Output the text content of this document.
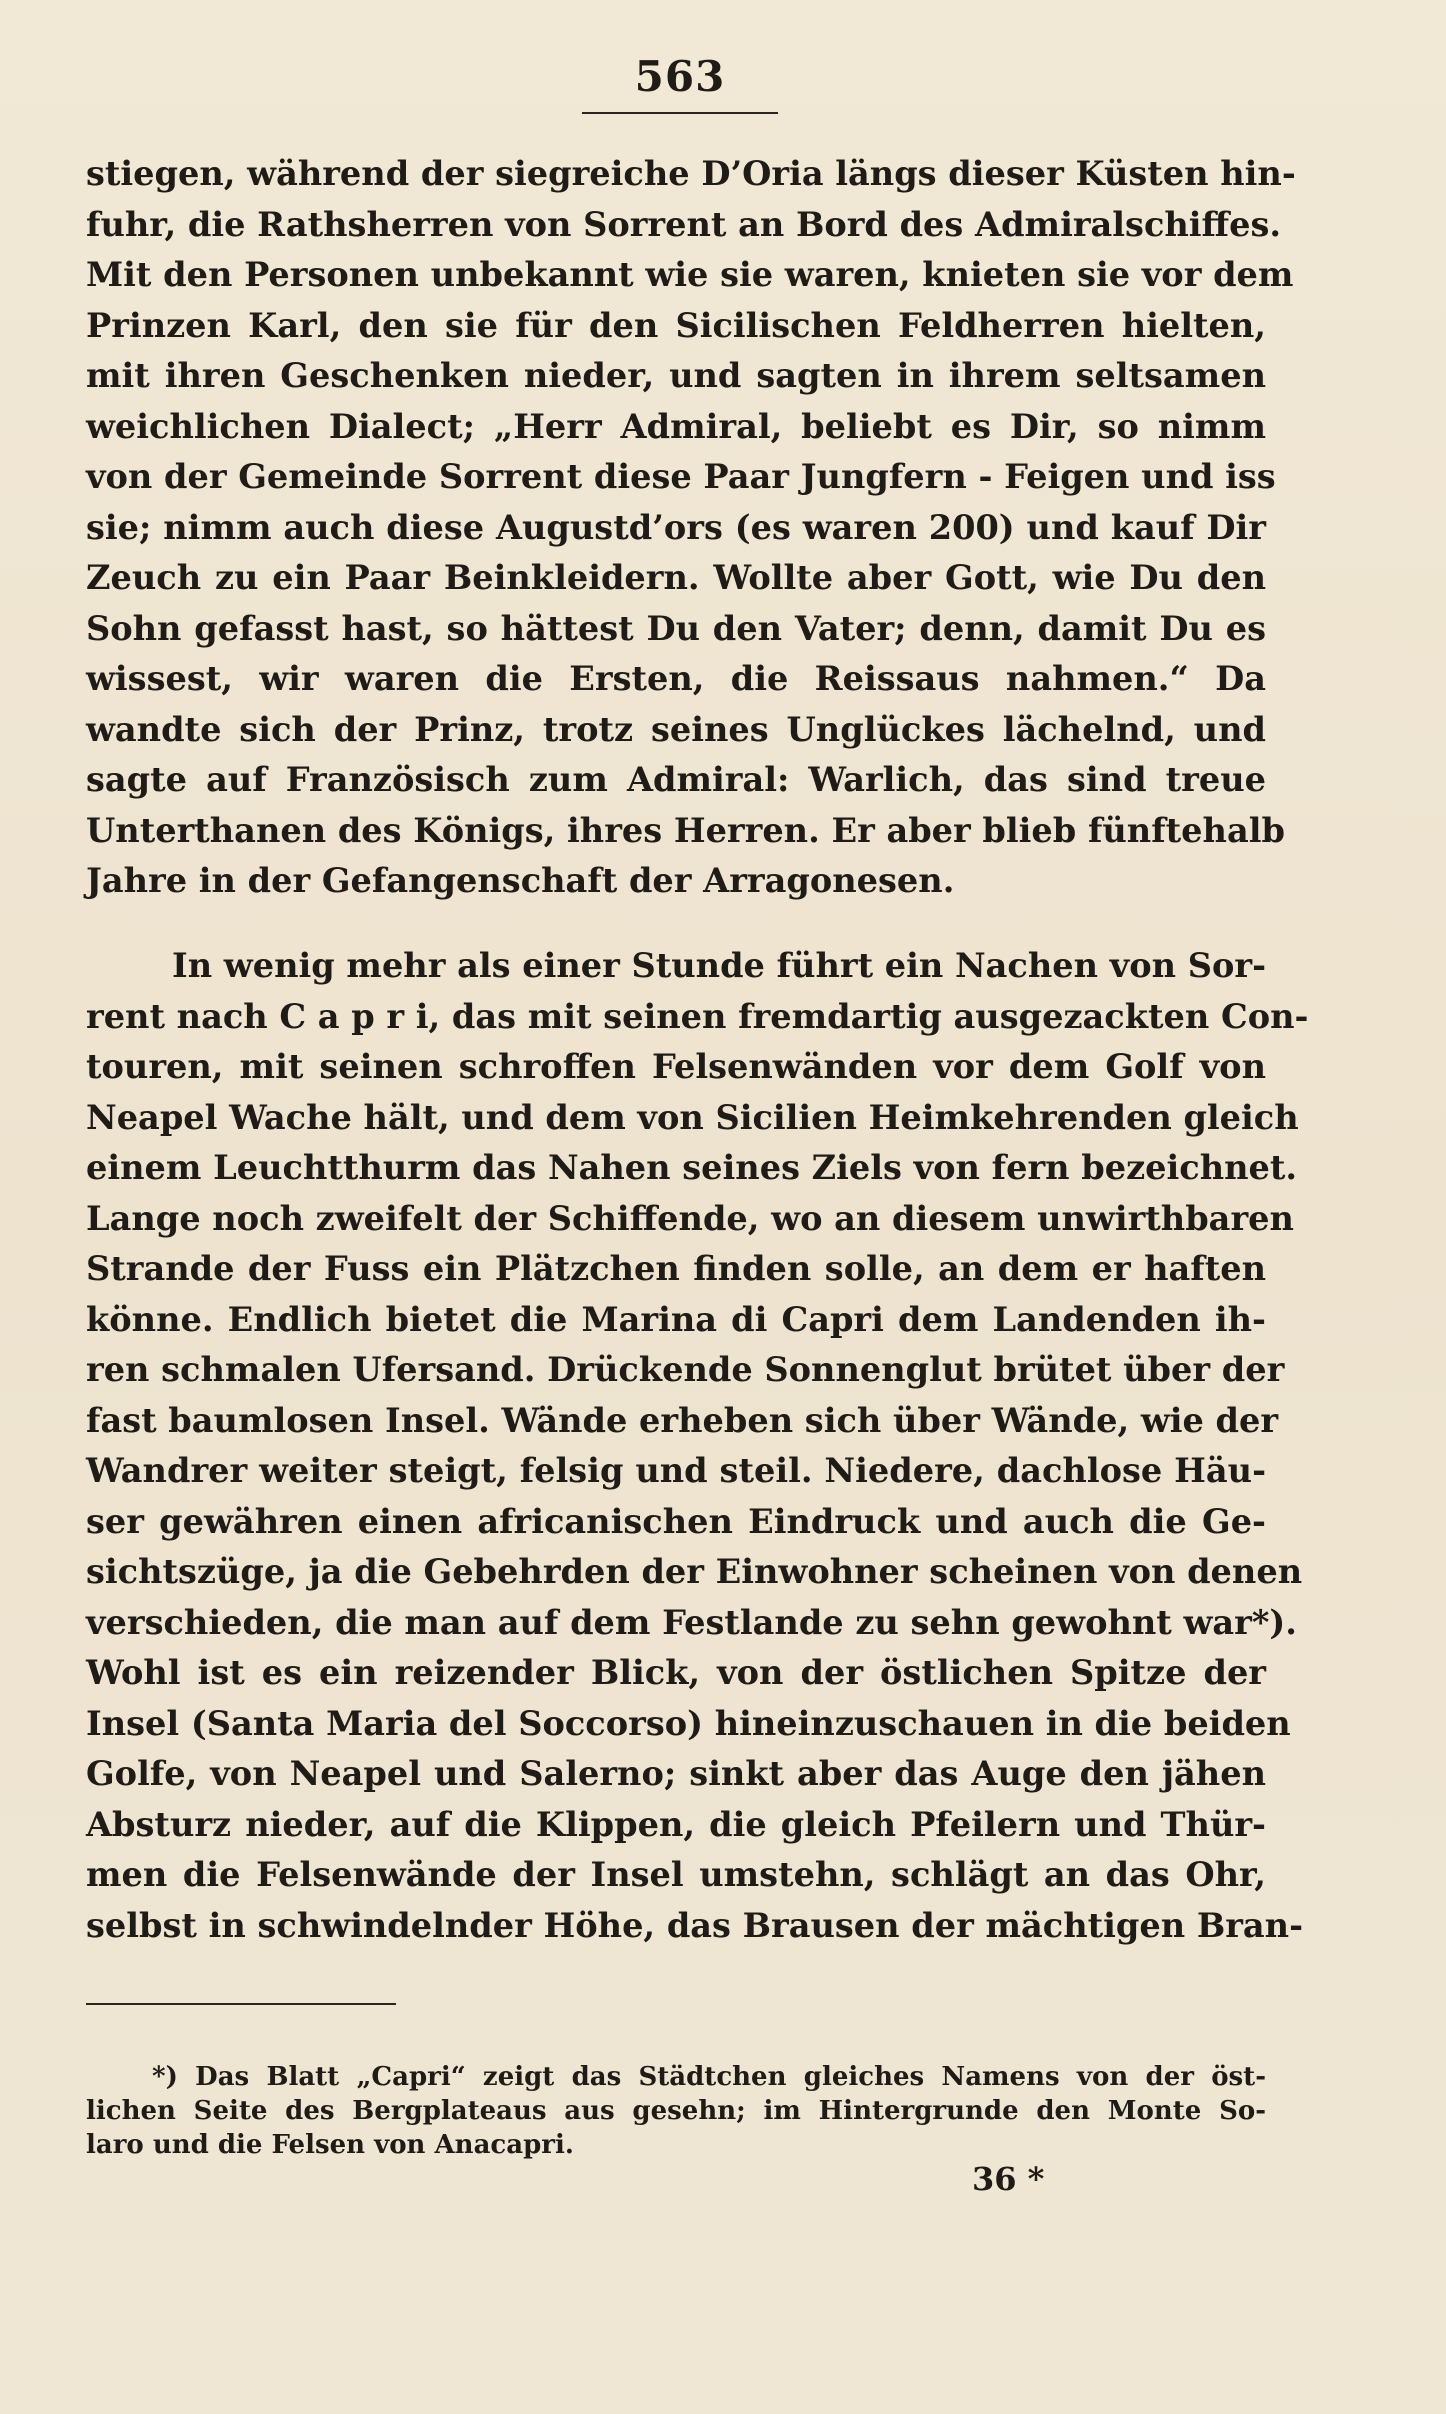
563
stiegen, während der siegreiche D’Oria längs dieser Küsten hin-
fuhr, die Rathsherren von Sorrent an Bord des Admiralschiffes.
Mit den Personen unbekannt wie sie waren, knieten sie vor dem
Prinzen Karl, den sie für den Sicilischen Feldherren hielten,
mit ihren Geschenken nieder, und sagten in ihrem seltsamen
weichlichen Dialect; „Herr Admiral, beliebt es Dir, so nimm
von der Gemeinde Sorrent diese Paar Jungfern - Feigen und iss
sie; nimm auch diese Augustd’ors (es waren 200) und kauf Dir
Zeuch zu ein Paar Beinkleidern. Wollte aber Gott, wie Du den
Sohn gefasst hast, so hättest Du den Vater; denn, damit Du es
wissest, wir waren die Ersten, die Reissaus nahmen.“ Da
wandte sich der Prinz, trotz seines Unglückes lächelnd, und
sagte auf Französisch zum Admiral: Warlich, das sind treue
Unterthanen des Königs, ihres Herren. Er aber blieb fünftehalb
Jahre in der Gefangenschaft der Arragonesen.
In wenig mehr als einer Stunde führt ein Nachen von Sor-
rent nach C a p r i, das mit seinen fremdartig ausgezackten Con-
touren, mit seinen schroffen Felsenwänden vor dem Golf von
Neapel Wache hält, und dem von Sicilien Heimkehrenden gleich
einem Leuchtthurm das Nahen seines Ziels von fern bezeichnet.
Lange noch zweifelt der Schiffende, wo an diesem unwirthbaren
Strande der Fuss ein Plätzchen finden solle, an dem er haften
könne. Endlich bietet die Marina di Capri dem Landenden ih-
ren schmalen Ufersand. Drückende Sonnenglut brütet über der
fast baumlosen Insel. Wände erheben sich über Wände, wie der
Wandrer weiter steigt, felsig und steil. Niedere, dachlose Häu-
ser gewähren einen africanischen Eindruck und auch die Ge-
sichtszüge, ja die Gebehrden der Einwohner scheinen von denen
verschieden, die man auf dem Festlande zu sehn gewohnt war*).
Wohl ist es ein reizender Blick, von der östlichen Spitze der
Insel (Santa Maria del Soccorso) hineinzuschauen in die beiden
Golfe, von Neapel und Salerno; sinkt aber das Auge den jähen
Absturz nieder, auf die Klippen, die gleich Pfeilern und Thür-
men die Felsenwände der Insel umstehn, schlägt an das Ohr,
selbst in schwindelnder Höhe, das Brausen der mächtigen Bran-
*) Das Blatt „Capri“ zeigt das Städtchen gleiches Namens von der öst-
lichen Seite des Bergplateaus aus gesehn; im Hintergrunde den Monte So-
laro und die Felsen von Anacapri.
36 *
